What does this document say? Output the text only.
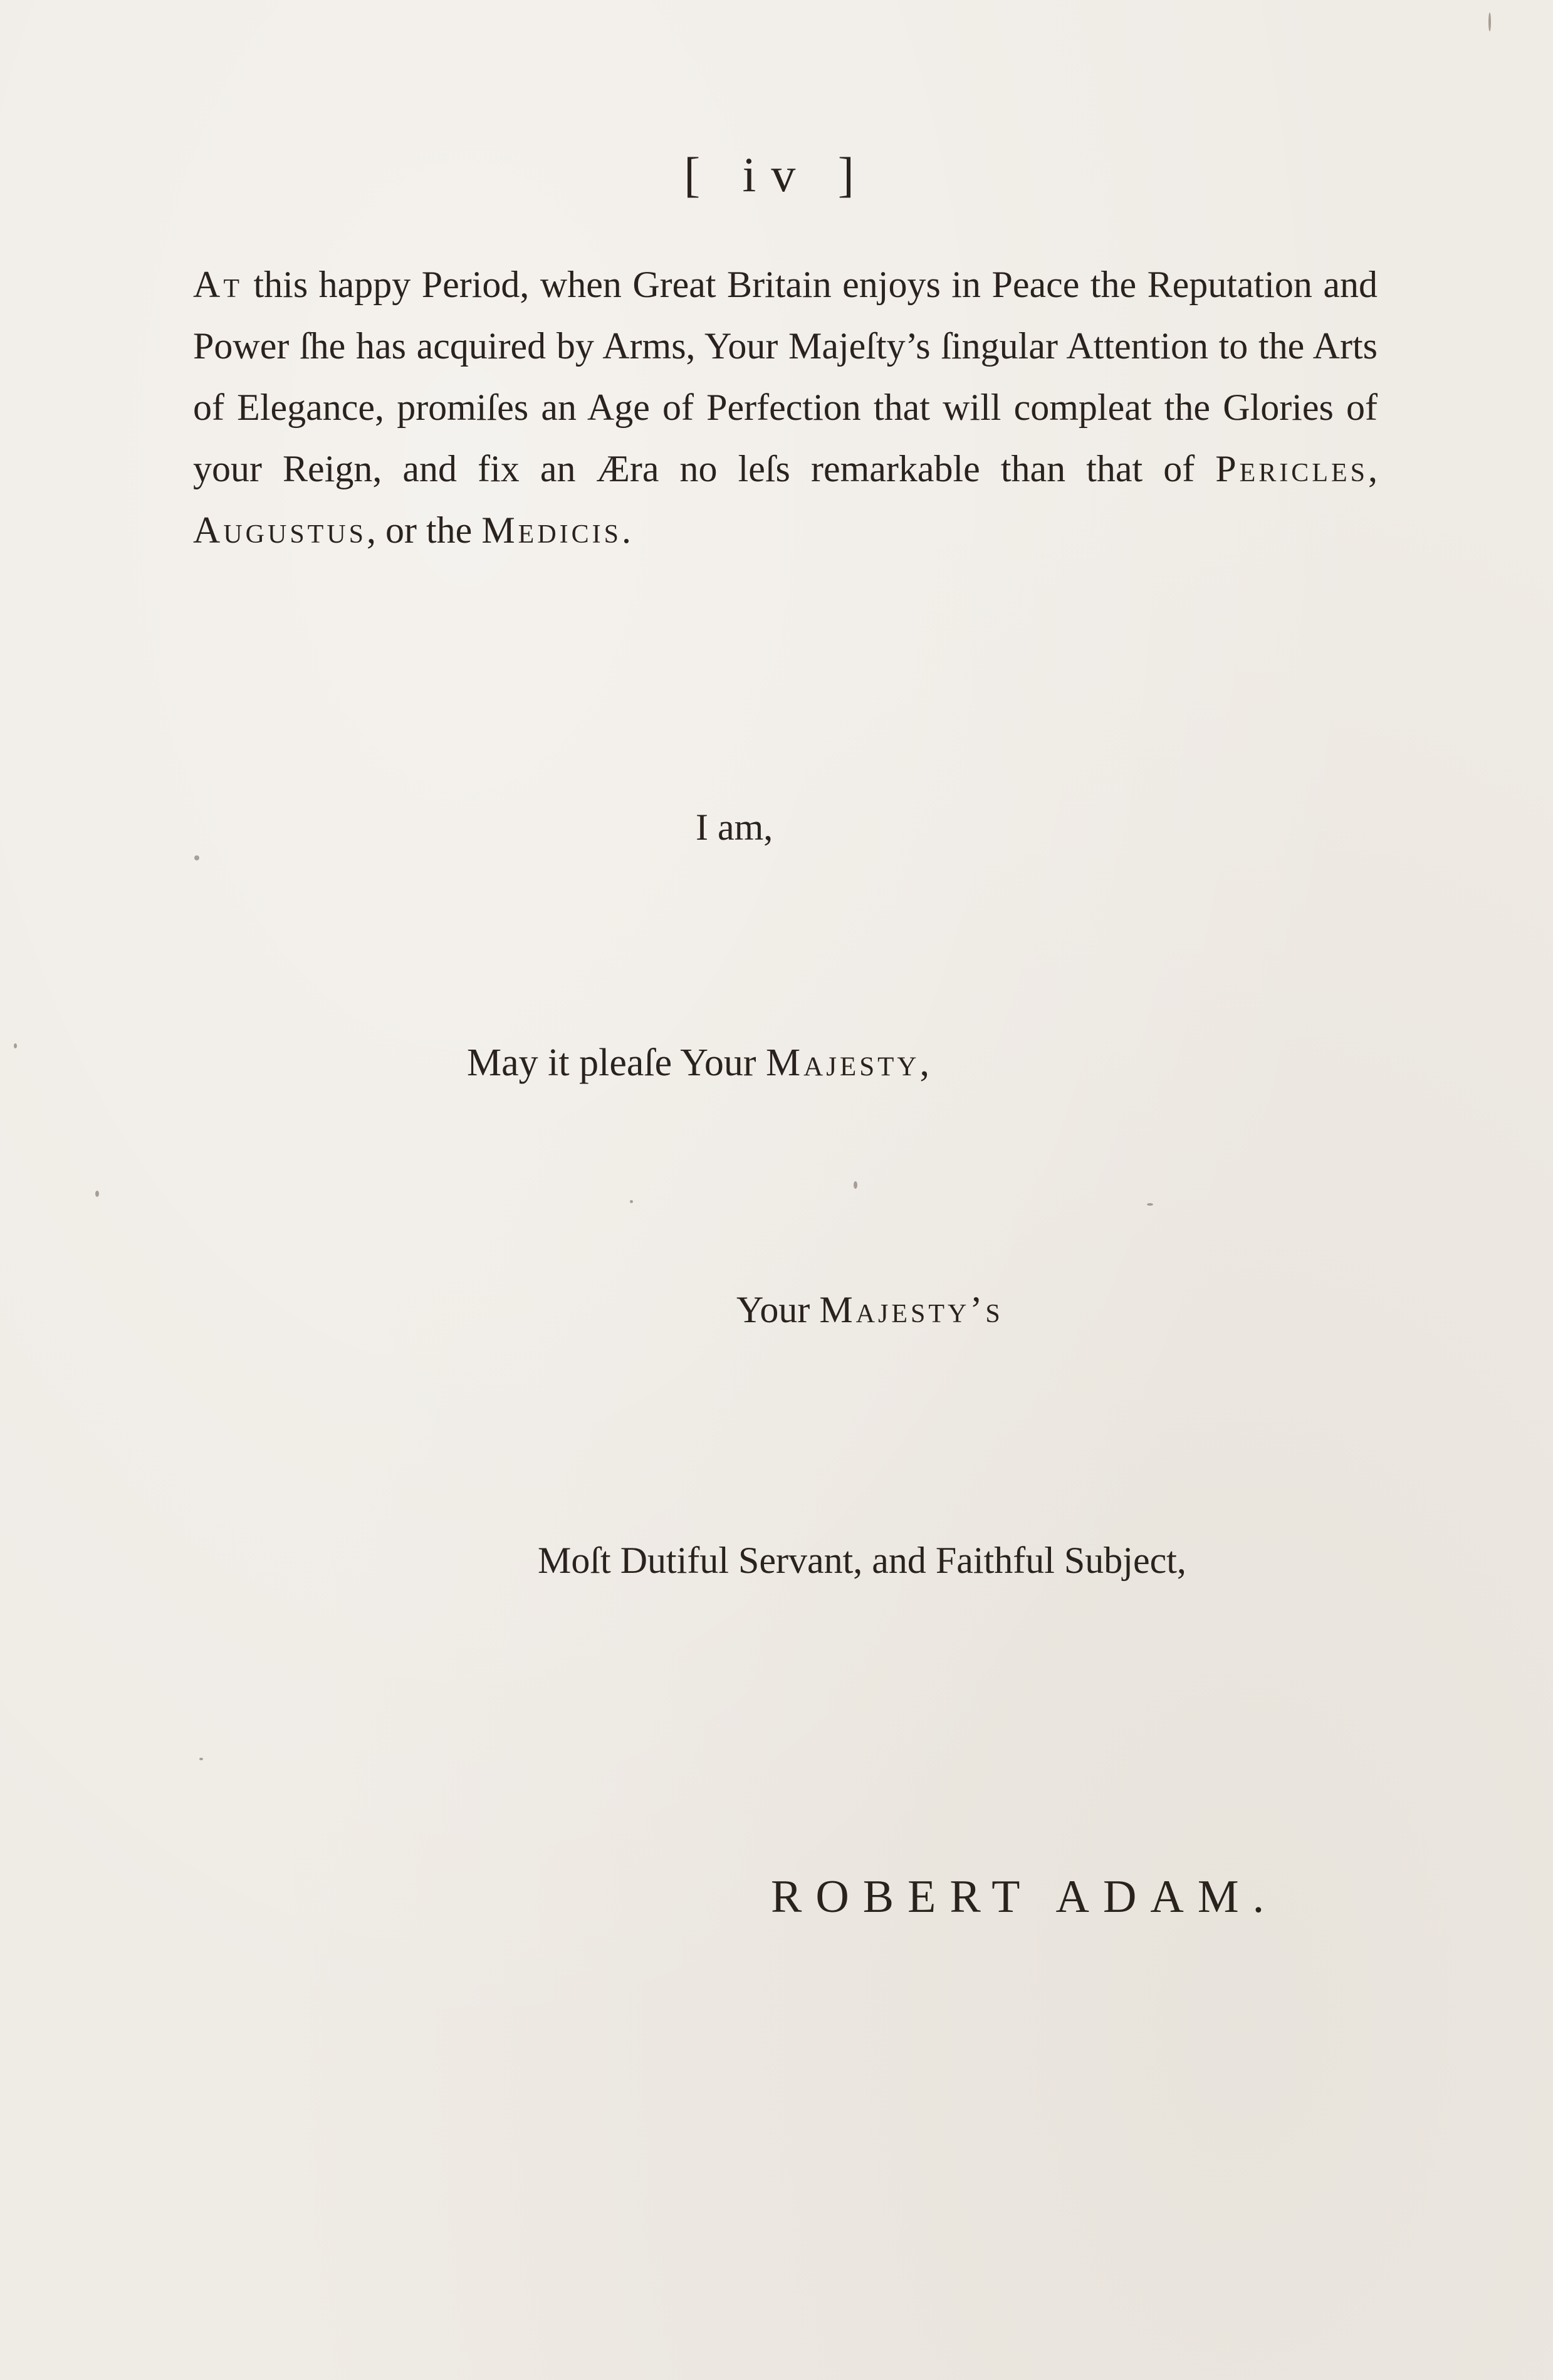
[ iv ]

At this happy Period, when Great Britain enjoys in Peace the Reputation and Power ſhe has acquired by Arms, Your Majeſty’s ſingular Attention to the Arts of Elegance, promiſes an Age of Perfection that will compleat the Glories of your Reign, and fix an Æra no leſs remarkable than that of Pericles, Augustus, or the Medicis.

I am,
May it pleaſe Your Majesty,
Your Majesty’s
Moſt Dutiful Servant, and Faithful Subject,
ROBERT ADAM.
